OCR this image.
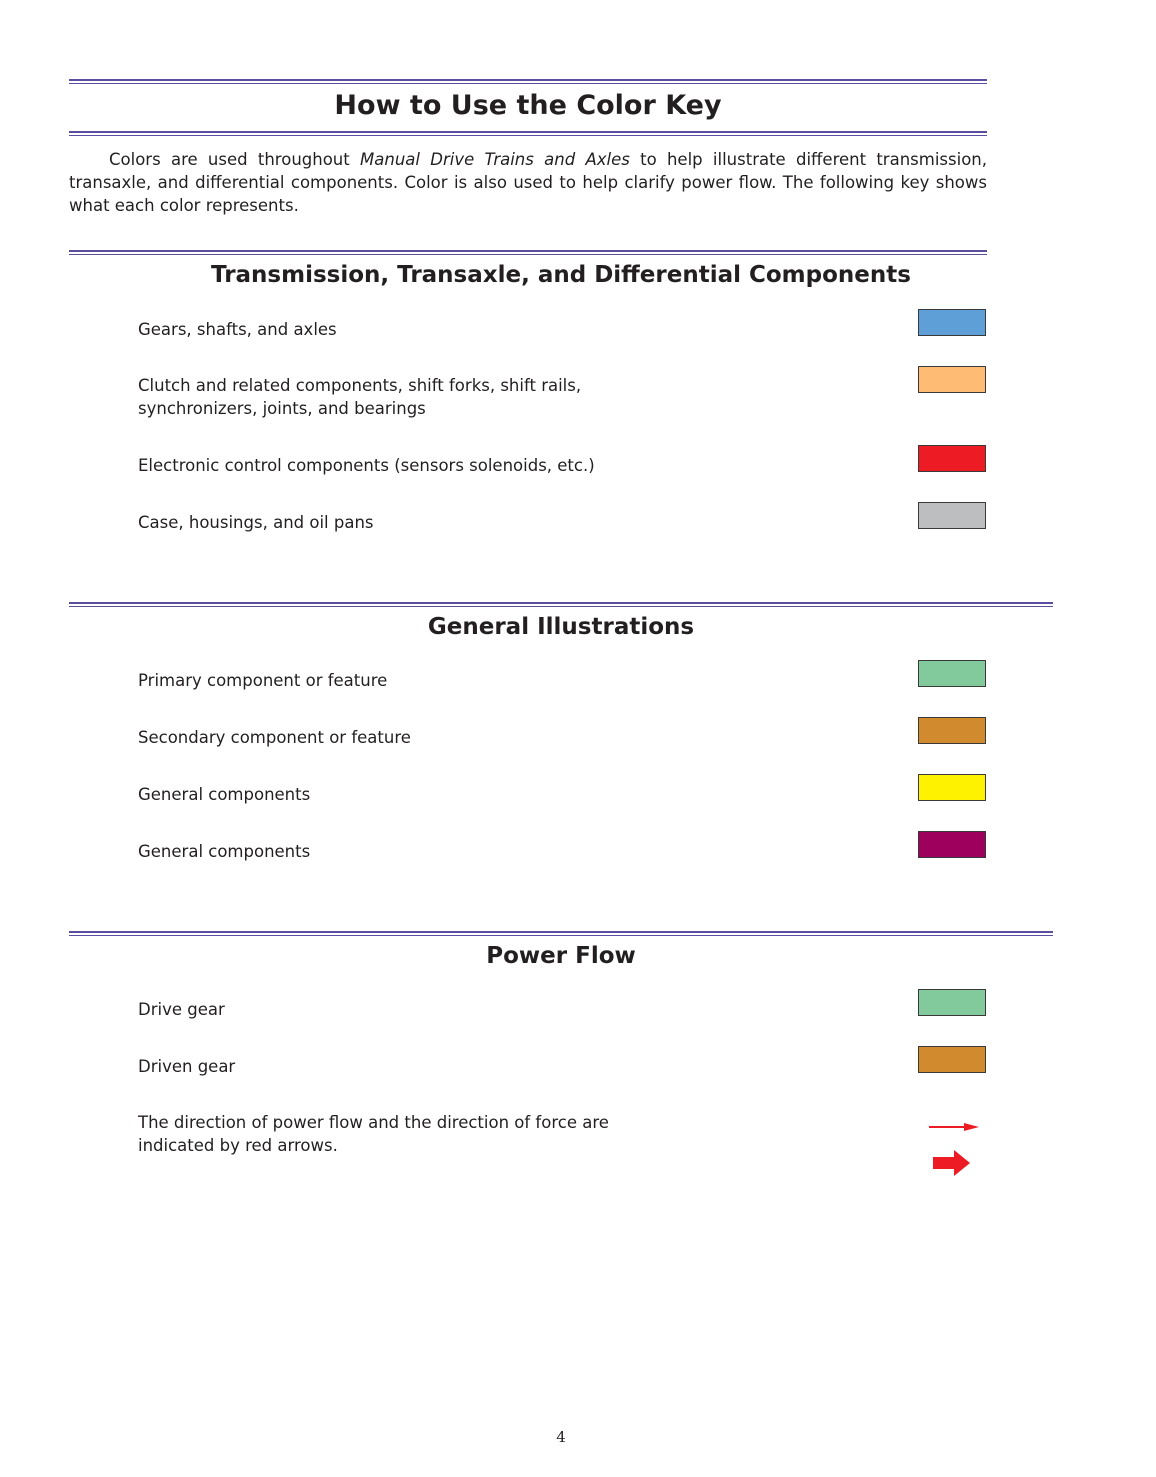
How to Use the Color Key

Colors are used throughout Manual Drive Trains and Axles to help illustrate different transmission, transaxle, and differential components. Color is also used to help clarify power flow. The following key shows what each color represents.

Transmission, Transaxle, and Differential Components
Gears, shafts, and axles
Clutch and related components, shift forks, shift rails,
synchronizers, joints, and bearings
Electronic control components (sensors solenoids, etc.)
Case, housings, and oil pans
General Illustrations
Primary component or feature
Secondary component or feature
General components
General components
Power Flow
Drive gear
Driven gear
The direction of power flow and the direction of force are
indicated by red arrows.
4
